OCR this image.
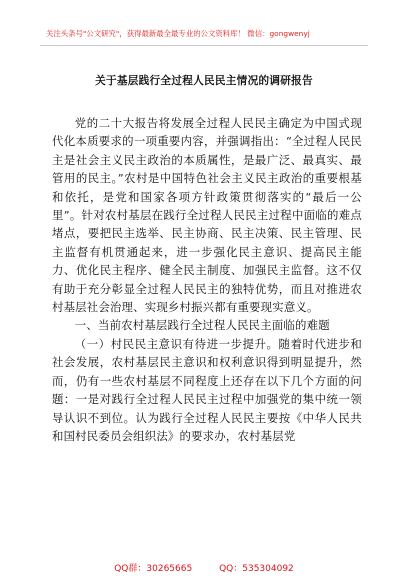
关注头条号"公文研究"，获得最新最全最专业的公文资料库！ 微信：gongwenyj
关于基层践行全过程人民民主情况的调研报告

党的二十大报告将发展全过程人民民主确定为中国式现代化本质要求的一项重要内容，并强调指出：“全过程人民民主是社会主义民主政治的本质属性，是最广泛、最真实、最管用的民主。”农村是中国特色社会主义民主政治的重要根基和依托，是党和国家各项方针政策贯彻落实的“最后一公里”。针对农村基层在践行全过程人民民主过程中面临的难点堵点，要把民主选举、民主协商、民主决策、民主管理、民主监督有机贯通起来，进一步强化民主意识、提高民主能力、优化民主程序、健全民主制度、加强民主监督。这不仅有助于充分彰显全过程人民民主的独特优势，而且对推进农村基层社会治理、实现乡村振兴都有重要现实意义。

一、当前农村基层践行全过程人民民主面临的难题

（一）村民民主意识有待进一步提升。随着时代进步和社会发展，农村基层民主意识和权利意识得到明显提升，然而，仍有一些农村基层不同程度上还存在以下几个方面的问题：一是对践行全过程人民民主过程中加强党的集中统一领导认识不到位。认为践行全过程人民民主要按《中华人民共和国村民委员会组织法》的要求办，农村基层党

QQ群：30265665	QQ：535304092
